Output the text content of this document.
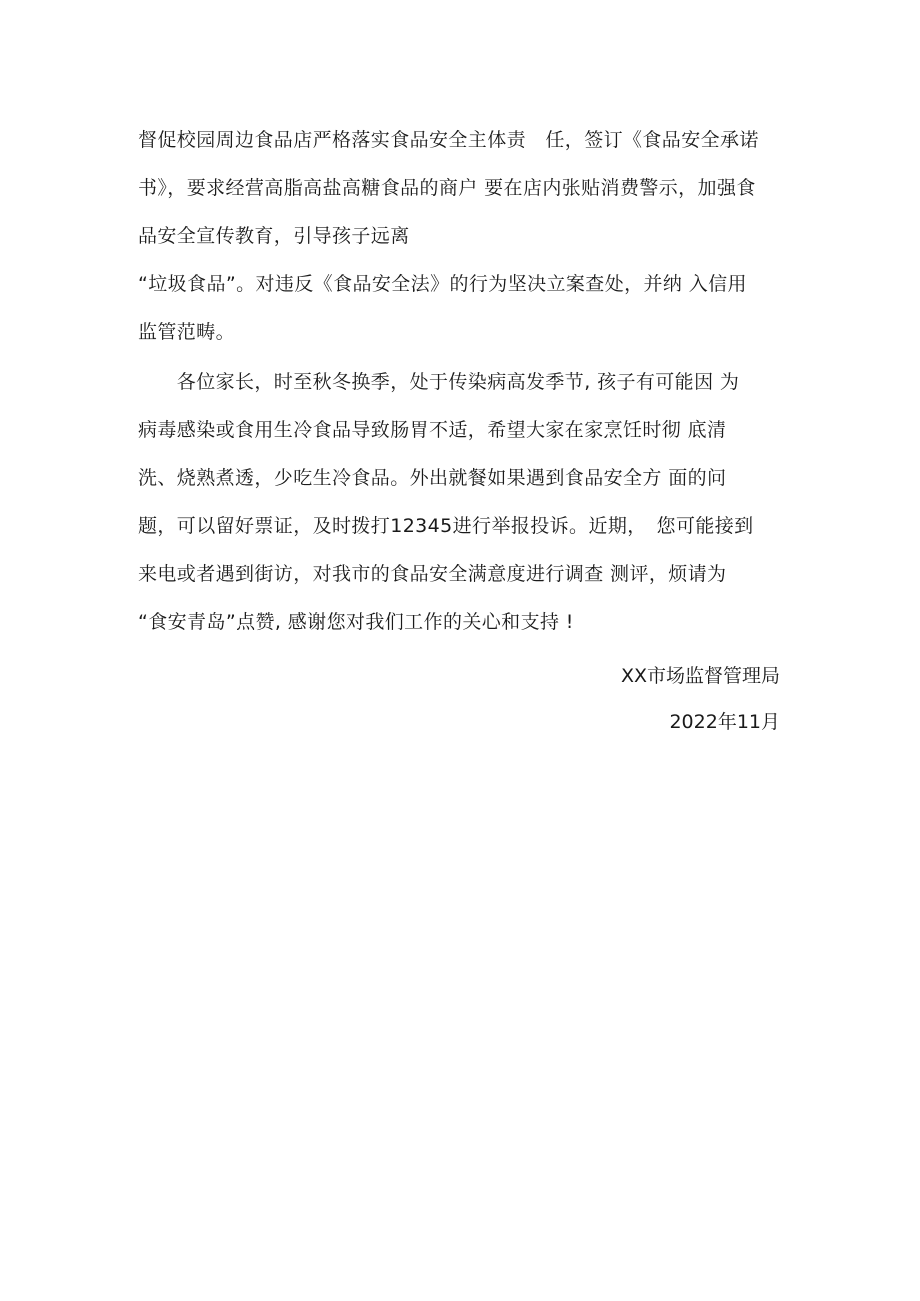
督促校园周边食品店严格落实食品安全主体责　任，签订《食品安全承诺
书》，要求经营高脂高盐高糖食品的商户 要在店内张贴消费警示，加强食
品安全宣传教育，引导孩子远离
“垃圾食品”。对违反《食品安全法》的行为坚决立案查处，并纳 入信用
监管范畴。
　　各位家长，时至秋冬换季，处于传染病高发季节, 孩子有可能因 为
病毒感染或食用生冷食品导致肠胃不适，希望大家在家烹饪时彻 底清
洗、烧熟煮透，少吃生冷食品。外出就餐如果遇到食品安全方 面的问
题，可以留好票证，及时拨打12345进行举报投诉。近期，　您可能接到
来电或者遇到街访，对我市的食品安全满意度进行调查 测评，烦请为
“食安青岛”点赞, 感谢您对我们工作的关心和支持 !
XX市场监督管理局
2022年11月
